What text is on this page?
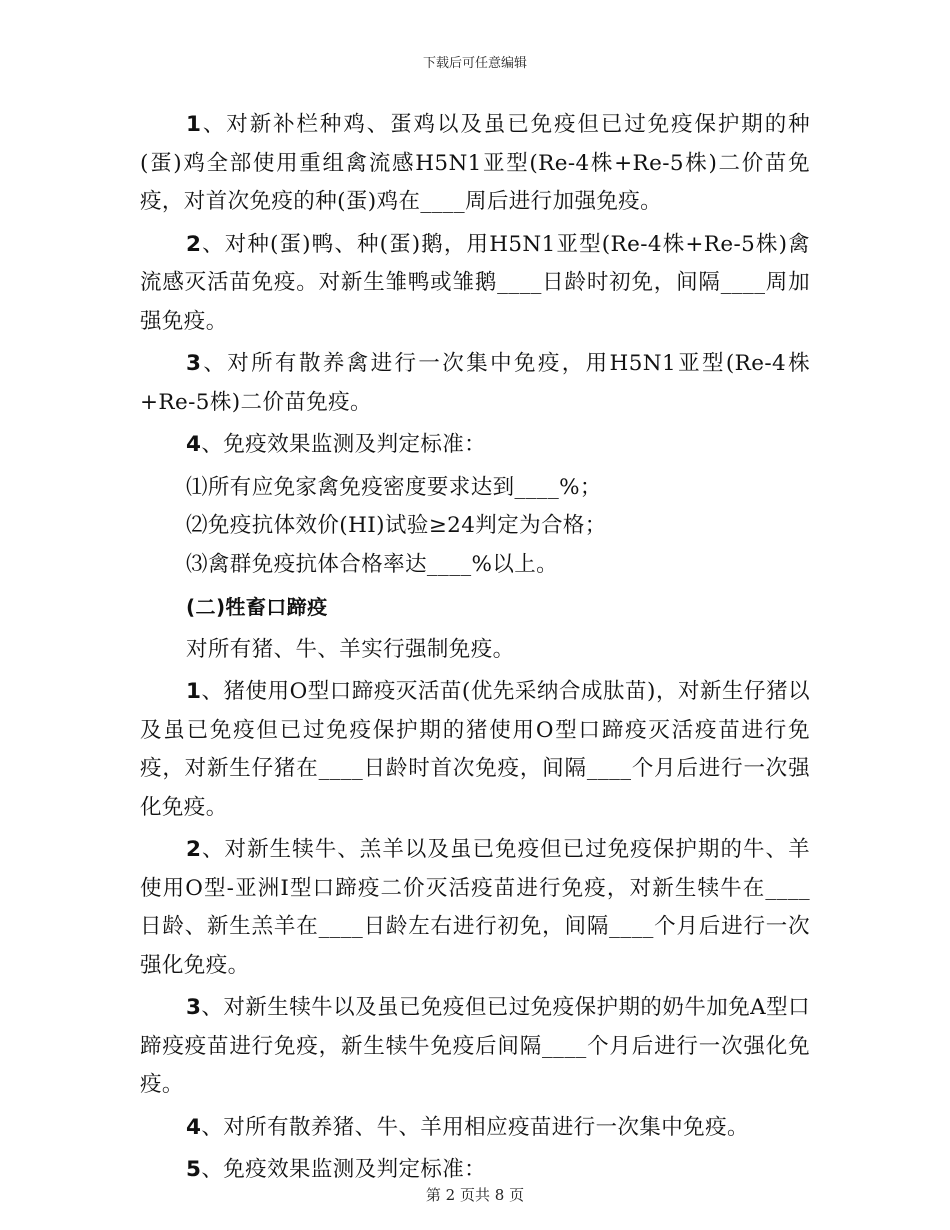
下载后可任意编辑

1、对新补栏种鸡、蛋鸡以及虽已免疫但已过免疫保护期的种(蛋)鸡全部使用重组禽流感H5N1亚型(Re-4株+Re-5株)二价苗免疫，对首次免疫的种(蛋)鸡在____周后进行加强免疫。

2、对种(蛋)鸭、种(蛋)鹅，用H5N1亚型(Re-4株+Re-5株)禽流感灭活苗免疫。对新生雏鸭或雏鹅____日龄时初免，间隔____周加强免疫。

3、对所有散养禽进行一次集中免疫，用H5N1亚型(Re-4株+Re-5株)二价苗免疫。

4、免疫效果监测及判定标准：

⑴所有应免家禽免疫密度要求达到____%；

⑵免疫抗体效价(HI)试验≥24判定为合格；

⑶禽群免疫抗体合格率达____%以上。

(二)牲畜口蹄疫

对所有猪、牛、羊实行强制免疫。

1、猪使用O型口蹄疫灭活苗(优先采纳合成肽苗)，对新生仔猪以及虽已免疫但已过免疫保护期的猪使用O型口蹄疫灭活疫苗进行免疫，对新生仔猪在____日龄时首次免疫，间隔____个月后进行一次强化免疫。

2、对新生犊牛、羔羊以及虽已免疫但已过免疫保护期的牛、羊使用O型-亚洲I型口蹄疫二价灭活疫苗进行免疫，对新生犊牛在____日龄、新生羔羊在____日龄左右进行初免，间隔____个月后进行一次强化免疫。

3、对新生犊牛以及虽已免疫但已过免疫保护期的奶牛加免A型口蹄疫疫苗进行免疫，新生犊牛免疫后间隔____个月后进行一次强化免疫。

4、对所有散养猪、牛、羊用相应疫苗进行一次集中免疫。

5、免疫效果监测及判定标准：

第 2 页共 8 页
